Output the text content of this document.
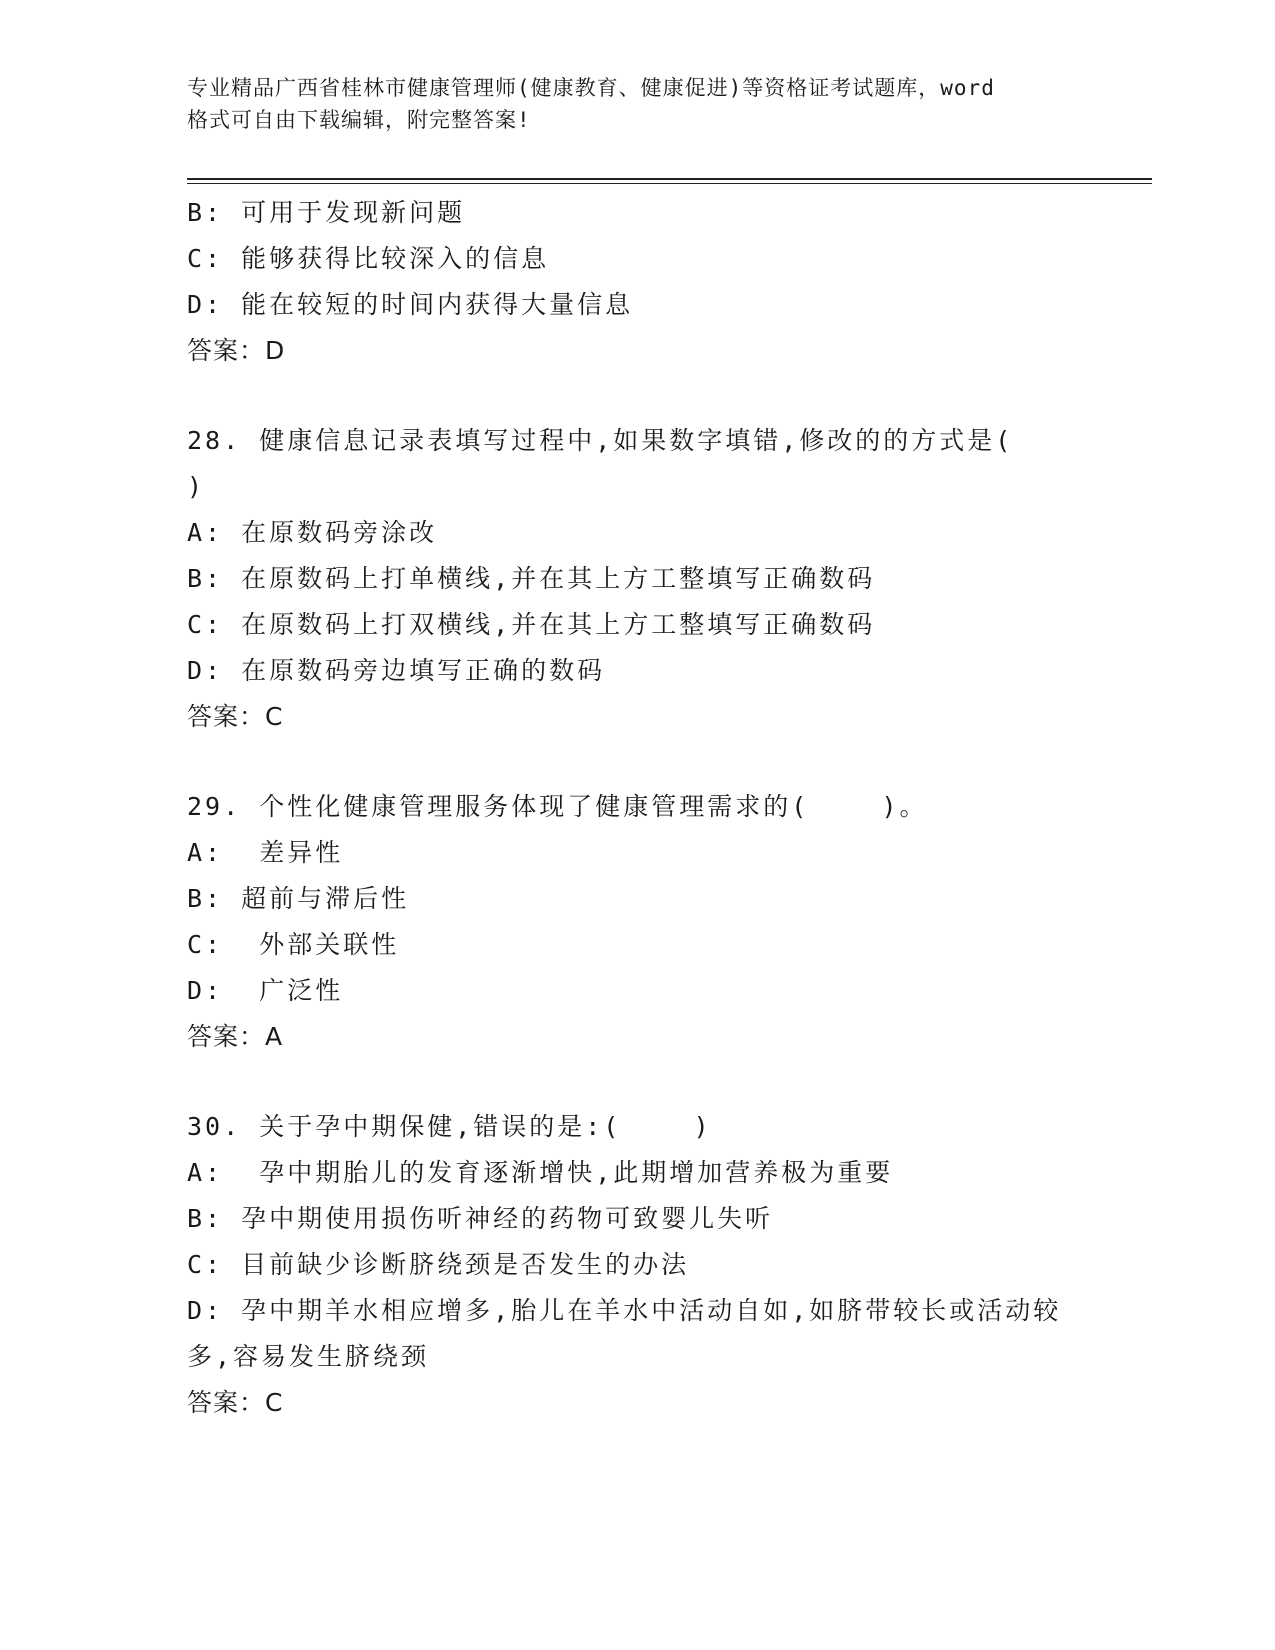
专业精品广西省桂林市健康管理师(健康教育、健康促进)等资格证考试题库，word
格式可自由下载编辑，附完整答案!
B: 可用于发现新问题
C: 能够获得比较深入的信息
D: 能在较短的时间内获得大量信息
答案：D
28. 健康信息记录表填写过程中,如果数字填错,修改的的方式是(
)
A: 在原数码旁涂改
B: 在原数码上打单横线,并在其上方工整填写正确数码
C: 在原数码上打双横线,并在其上方工整填写正确数码
D: 在原数码旁边填写正确的数码
答案：C
29. 个性化健康管理服务体现了健康管理需求的(    )。
A:  差异性
B: 超前与滞后性
C:  外部关联性
D:  广泛性
答案：A
30. 关于孕中期保健,错误的是:(    )
A:  孕中期胎儿的发育逐渐增快,此期增加营养极为重要
B: 孕中期使用损伤听神经的药物可致婴儿失听
C: 目前缺少诊断脐绕颈是否发生的办法
D: 孕中期羊水相应增多,胎儿在羊水中活动自如,如脐带较长或活动较
多,容易发生脐绕颈
答案：C
